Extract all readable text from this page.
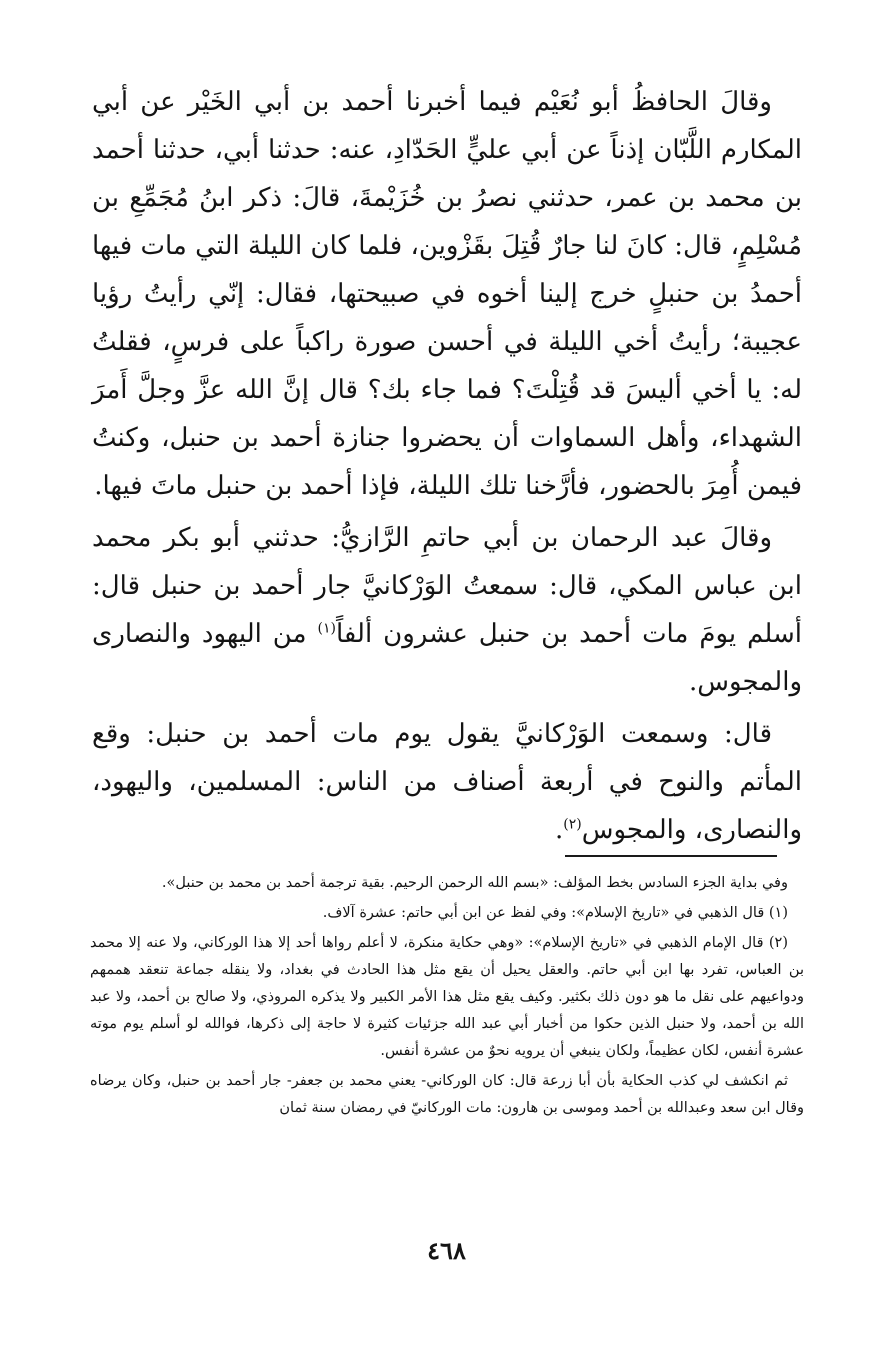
وقالَ الحافظُ أبو نُعَيْم فيما أخبرنا أحمد بن أبي الخَيْر عن أبي المكارم اللَّبّان إذناً عن أبي عليٍّ الحَدّادِ، عنه: حدثنا أبي، حدثنا أحمد بن محمد بن عمر، حدثني نصرُ بن خُزَيْمةَ، قالَ: ذكر ابنُ مُجَمِّعِ بن مُسْلِمٍ، قال: كانَ لنا جارٌ قُتِلَ بقَزْوين، فلما كان الليلة التي مات فيها أحمدُ بن حنبلٍ خرج إلينا أخوه في صبيحتها، فقال: إنّي رأيتُ رؤيا عجيبة؛ رأيتُ أخي الليلة في أحسن صورة راكباً على فرسٍ، فقلتُ له: يا أخي أليسَ قد قُتِلْتَ؟ فما جاء بك؟ قال إنَّ الله عزَّ وجلَّ أَمرَ الشهداء، وأهل السماوات أن يحضروا جنازة أحمد بن حنبل، وكنتُ فيمن أُمِرَ بالحضور، فأرَّخنا تلك الليلة، فإذا أحمد بن حنبل ماتَ فيها.

وقالَ عبد الرحمان بن أبي حاتمِ الرَّازيُّ: حدثني أبو بكر محمد ابن عباس المكي، قال: سمعتُ الوَرْكانيَّ جار أحمد بن حنبل قال: أسلم يومَ مات أحمد بن حنبل عشرون ألفاً$^{(١)}$ من اليهود والنصارى والمجوس.

قال: وسمعت الوَرْكانيَّ يقول يوم مات أحمد بن حنبل: وقع المأتم والنوح في أربعة أصناف من الناس: المسلمين، واليهود، والنصارى، والمجوس$^{(٢)}$.

وفي بداية الجزء السادس بخط المؤلف: «بسم الله الرحمن الرحيم. بقية ترجمة أحمد بن محمد بن حنبل».

(١) قال الذهبي في «تاريخ الإسلام»: وفي لفظ عن ابن أبي حاتم: عشرة آلاف.

(٢) قال الإمام الذهبي في «تاريخ الإسلام»: «وهي حكاية منكرة، لا أعلم رواها أحد إلا هذا الوركاني، ولا عنه إلا محمد بن العباس، تفرد بها ابن أبي حاتم. والعقل يحيل أن يقع مثل هذا الحادث في بغداد، ولا ينقله جماعة تنعقد هممهم ودواعيهم على نقل ما هو دون ذلك بكثير. وكيف يقع مثل هذا الأمر الكبير ولا يذكره المروذي، ولا صالح بن أحمد، ولا عبد الله بن أحمد، ولا حنبل الذين حكوا من أخبار أبي عبد الله جزئيات كثيرة لا حاجة إلى ذكرها، فوالله لو أسلم يوم موته عشرة أنفس، لكان عظيماً، ولكان ينبغي أن يرويه نحوٌ من عشرة أنفس.

ثم انكشف لي كذب الحكاية بأن أبا زرعة قال: كان الوركاني- يعني محمد بن جعفر- جار أحمد بن حنبل، وكان يرضاه وقال ابن سعد وعبدالله بن أحمد وموسى بن هارون: مات الوركانيّ في رمضان سنة ثمان

٤٦٨
